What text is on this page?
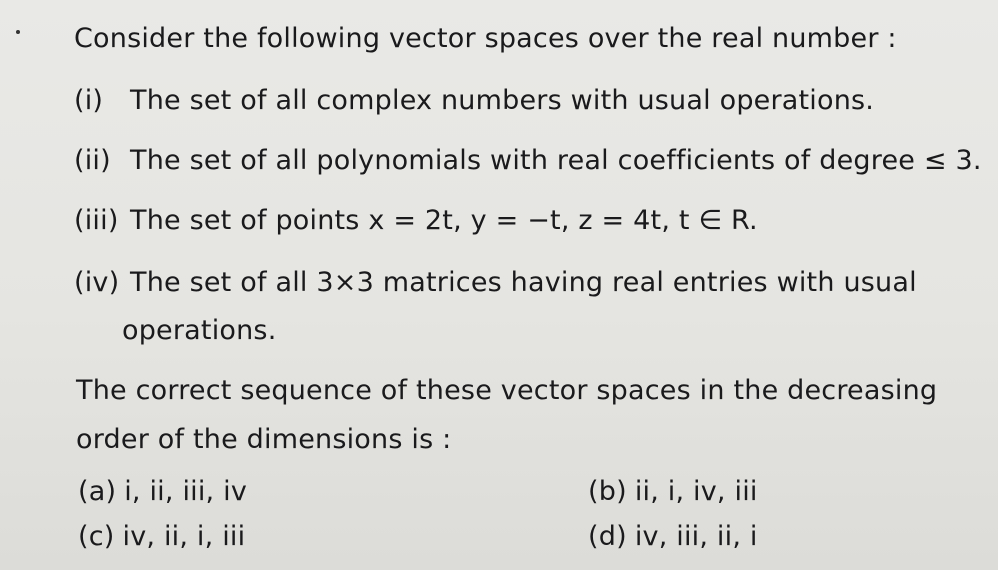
Consider the following vector spaces over the real number :
(i) The set of all complex numbers with usual operations.
(ii) The set of all polynomials with real coefficients of degree ≤ 3.
(iii) The set of points x = 2t, y = −t, z = 4t, t ∈ R.
(iv) The set of all 3×3 matrices having real entries with usual
operations.
The correct sequence of these vector spaces in the decreasing
order of the dimensions is :
(a) i, ii, iii, iv	(b) ii, i, iv, iii
(c) iv, ii, i, iii	(d) iv, iii, ii, i
